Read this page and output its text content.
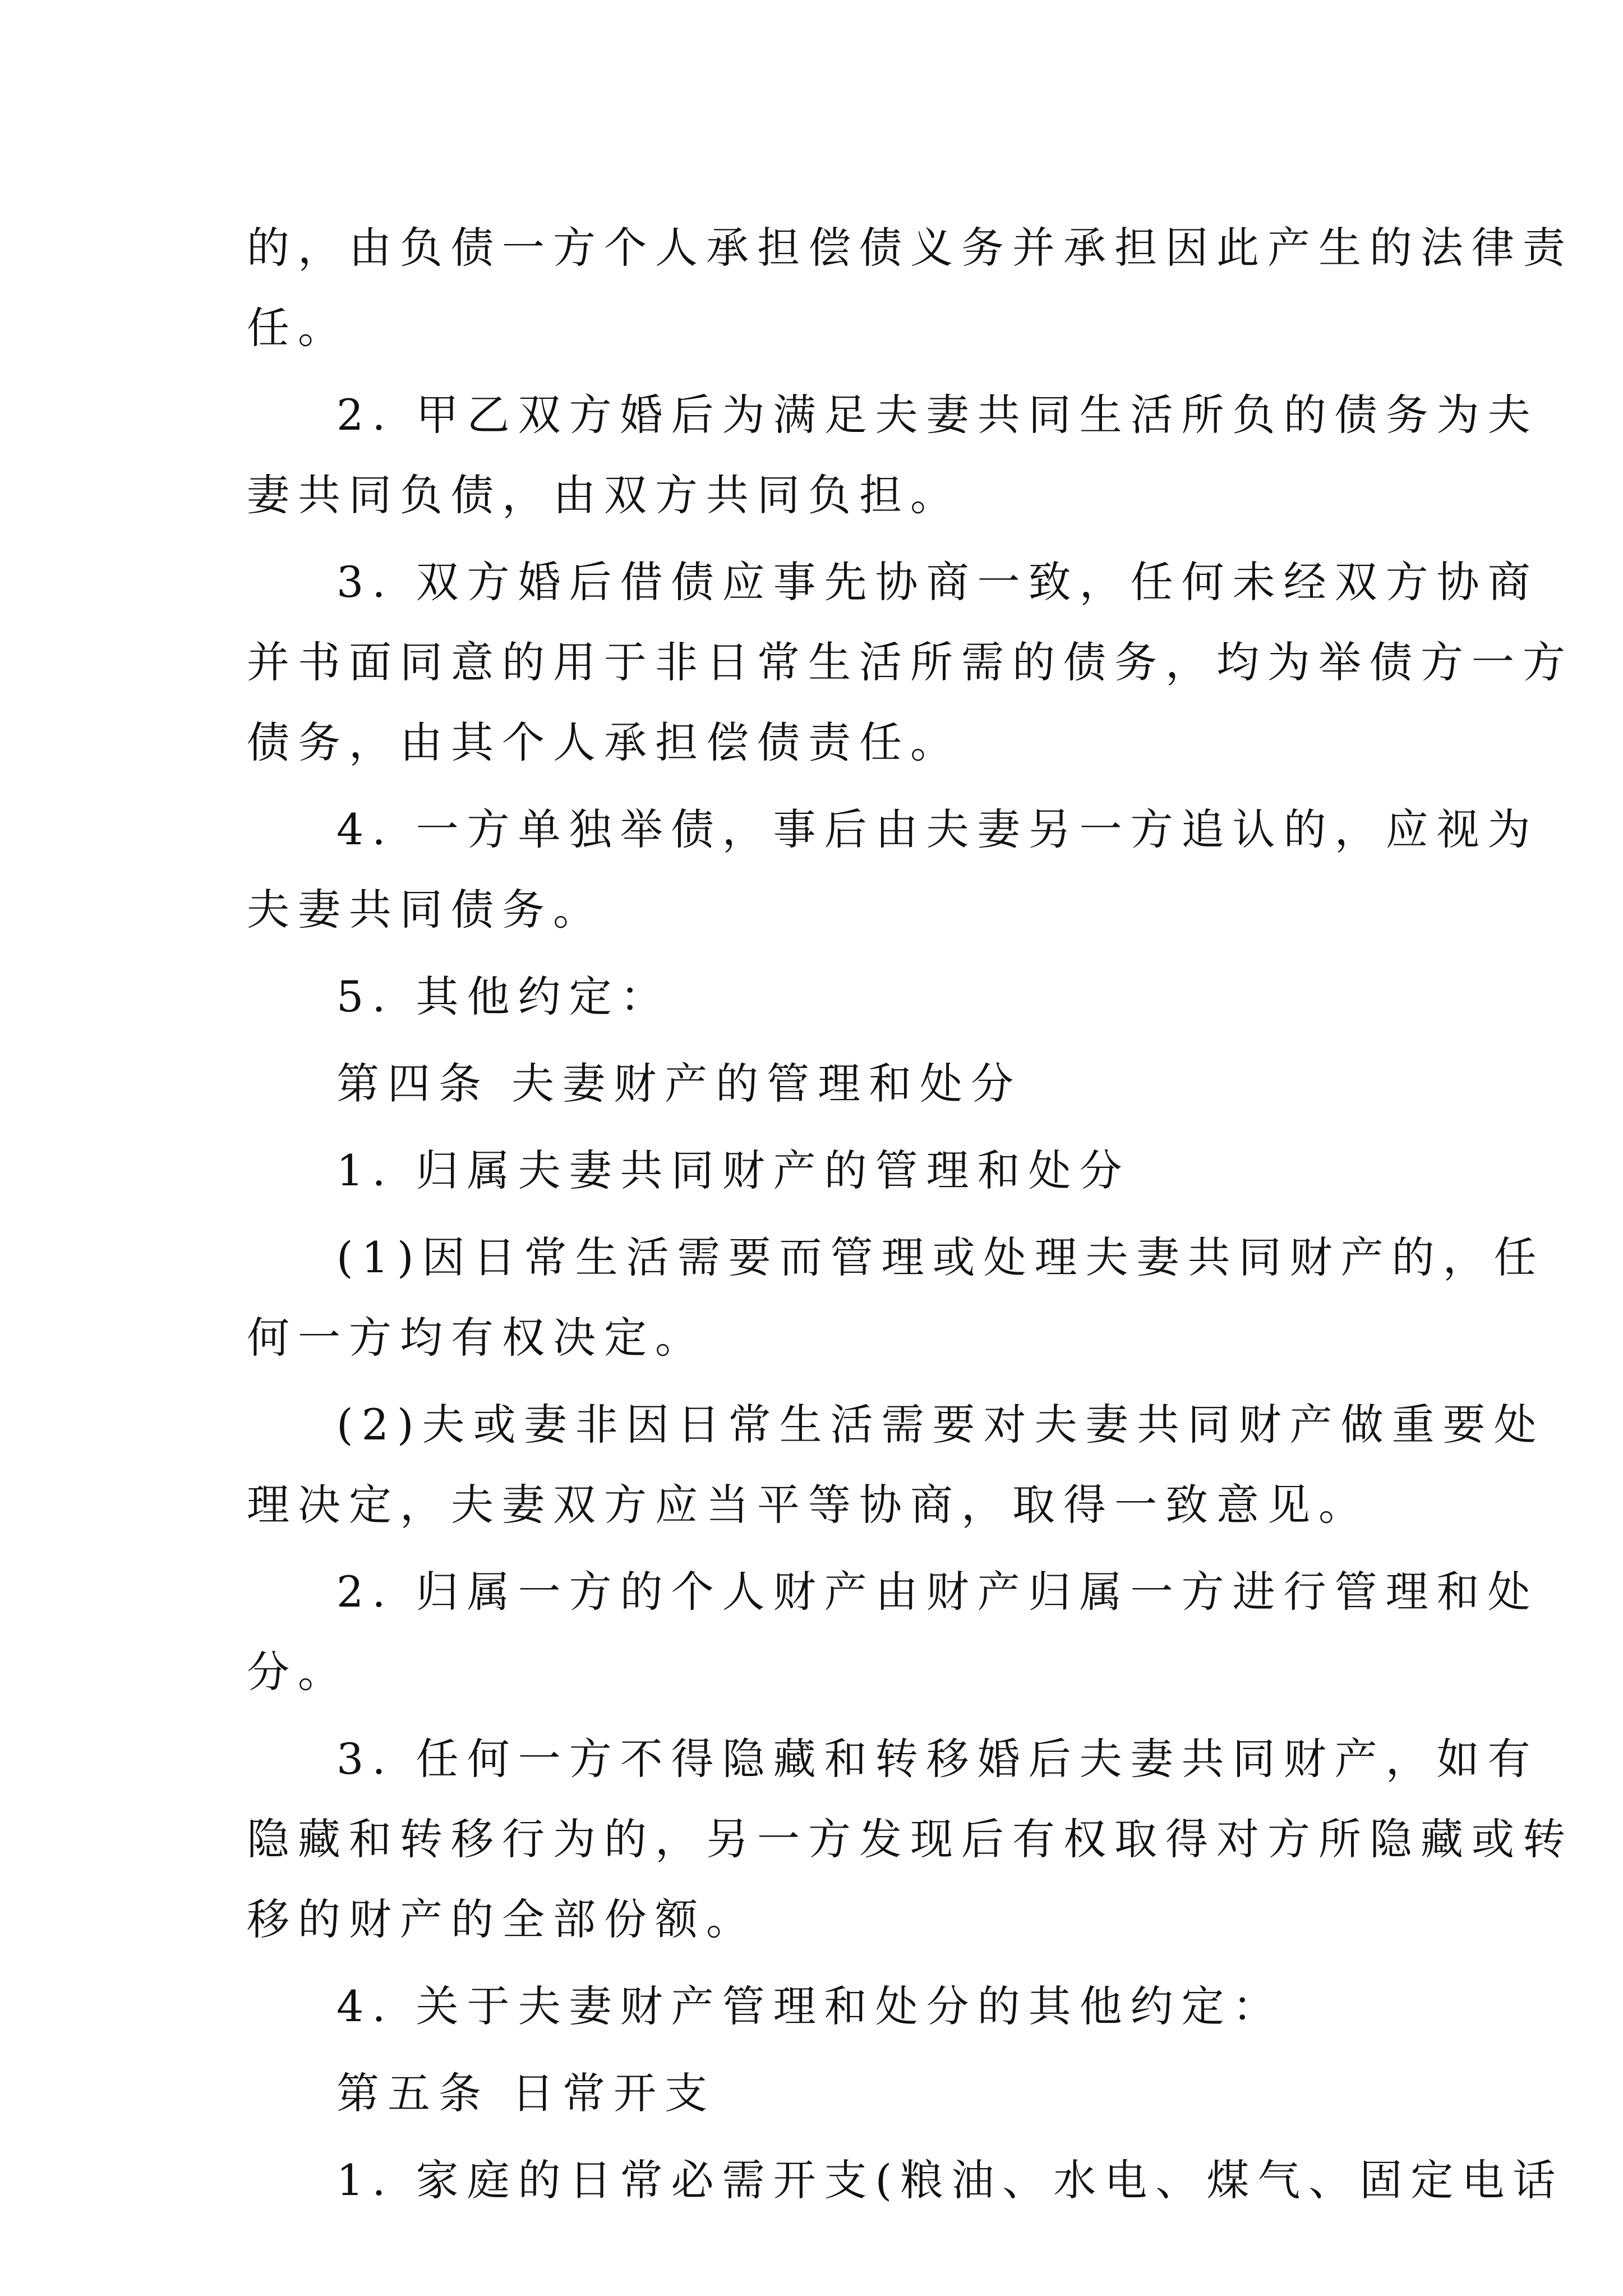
的，由负债一方个人承担偿债义务并承担因此产生的法律责
任。
2. 甲乙双方婚后为满足夫妻共同生活所负的债务为夫
妻共同负债，由双方共同负担。
3. 双方婚后借债应事先协商一致，任何未经双方协商
并书面同意的用于非日常生活所需的债务，均为举债方一方
债务，由其个人承担偿债责任。
4. 一方单独举债，事后由夫妻另一方追认的，应视为
夫妻共同债务。
5. 其他约定：
第四条 夫妻财产的管理和处分
1. 归属夫妻共同财产的管理和处分
(1)因日常生活需要而管理或处理夫妻共同财产的，任
何一方均有权决定。
(2)夫或妻非因日常生活需要对夫妻共同财产做重要处
理决定，夫妻双方应当平等协商，取得一致意见。
2. 归属一方的个人财产由财产归属一方进行管理和处
分。
3. 任何一方不得隐藏和转移婚后夫妻共同财产，如有
隐藏和转移行为的，另一方发现后有权取得对方所隐藏或转
移的财产的全部份额。
4. 关于夫妻财产管理和处分的其他约定：
第五条 日常开支
1. 家庭的日常必需开支(粮油、水电、煤气、固定电话
